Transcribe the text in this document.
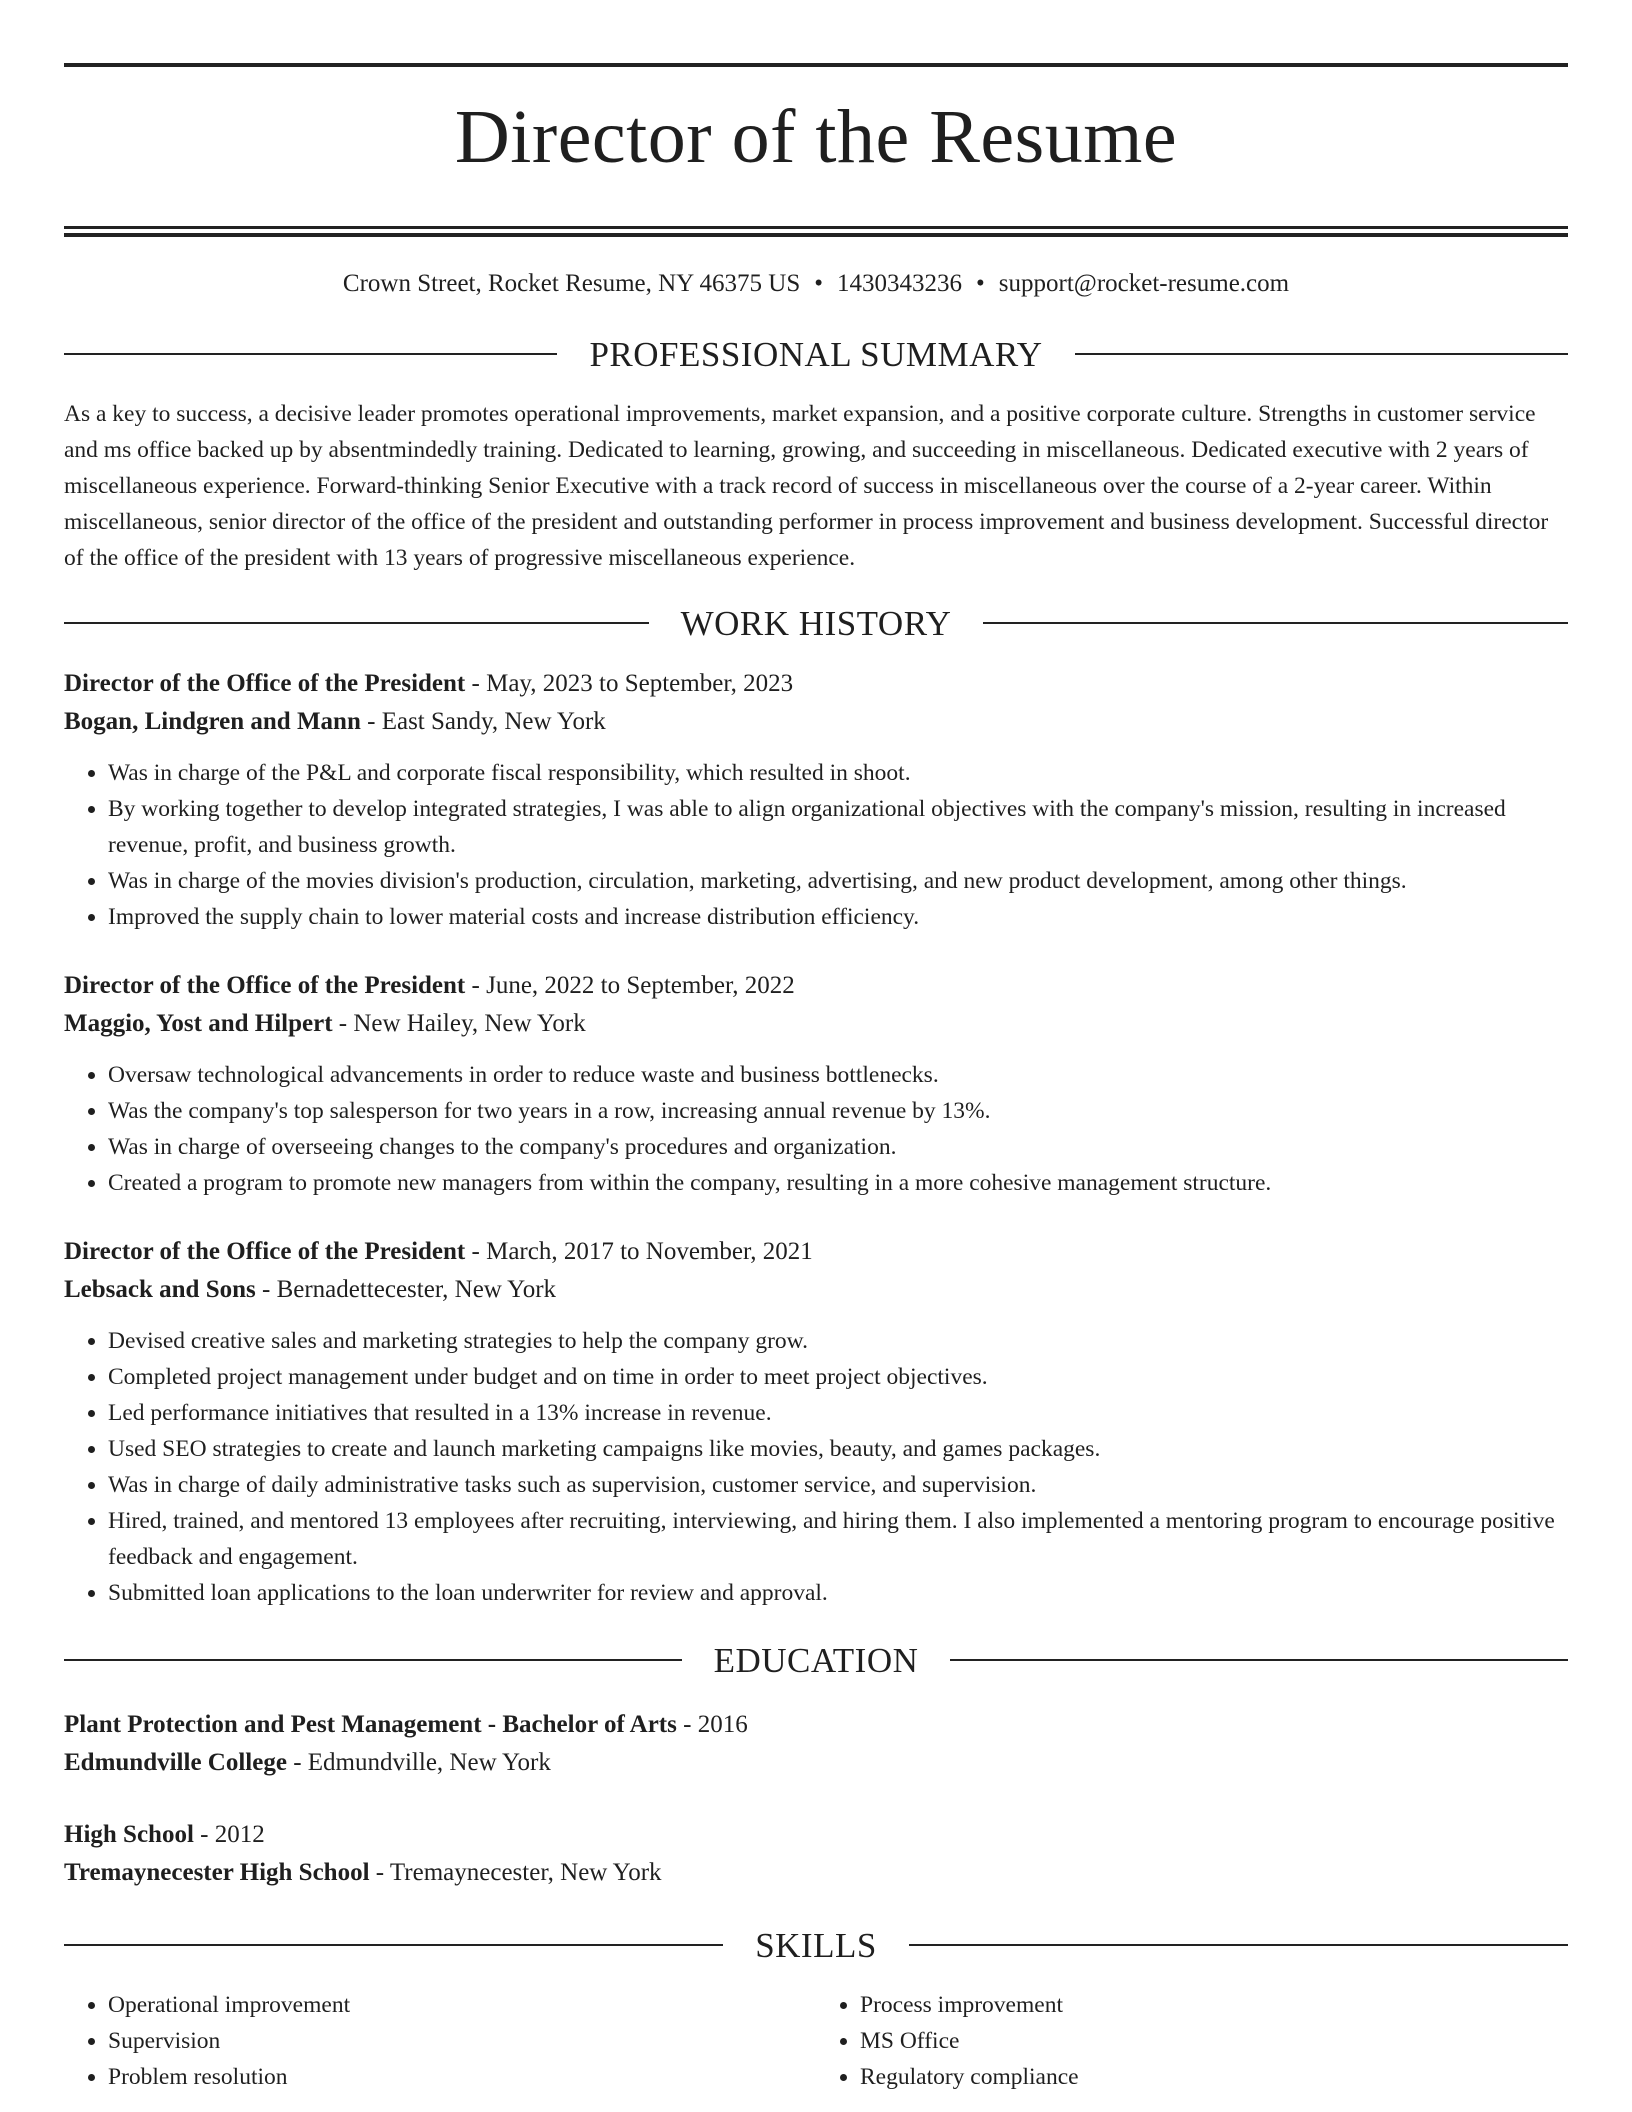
Director of the Resume
Crown Street, Rocket Resume, NY 46375 US • 1430343236 • support@rocket-resume.com
PROFESSIONAL SUMMARY

As a key to success, a decisive leader promotes operational improvements, market expansion, and a positive corporate culture. Strengths in customer service and ms office backed up by absentmindedly training. Dedicated to learning, growing, and succeeding in miscellaneous. Dedicated executive with 2 years of miscellaneous experience. Forward-thinking Senior Executive with a track record of success in miscellaneous over the course of a 2-year career. Within miscellaneous, senior director of the office of the president and outstanding performer in process improvement and business development. Successful director of the office of the president with 13 years of progressive miscellaneous experience.

WORK HISTORY
Director of the Office of the President - May, 2023 to September, 2023
Bogan, Lindgren and Mann - East Sandy, New York
• Was in charge of the P&L and corporate fiscal responsibility, which resulted in shoot.
• By working together to develop integrated strategies, I was able to align organizational objectives with the company's mission, resulting in increased revenue, profit, and business growth.
• Was in charge of the movies division's production, circulation, marketing, advertising, and new product development, among other things.
• Improved the supply chain to lower material costs and increase distribution efficiency.
Director of the Office of the President - June, 2022 to September, 2022
Maggio, Yost and Hilpert - New Hailey, New York
• Oversaw technological advancements in order to reduce waste and business bottlenecks.
• Was the company's top salesperson for two years in a row, increasing annual revenue by 13%.
• Was in charge of overseeing changes to the company's procedures and organization.
• Created a program to promote new managers from within the company, resulting in a more cohesive management structure.
Director of the Office of the President - March, 2017 to November, 2021
Lebsack and Sons - Bernadettecester, New York
• Devised creative sales and marketing strategies to help the company grow.
• Completed project management under budget and on time in order to meet project objectives.
• Led performance initiatives that resulted in a 13% increase in revenue.
• Used SEO strategies to create and launch marketing campaigns like movies, beauty, and games packages.
• Was in charge of daily administrative tasks such as supervision, customer service, and supervision.
• Hired, trained, and mentored 13 employees after recruiting, interviewing, and hiring them. I also implemented a mentoring program to encourage positive feedback and engagement.
• Submitted loan applications to the loan underwriter for review and approval.
EDUCATION
Plant Protection and Pest Management - Bachelor of Arts - 2016
Edmundville College - Edmundville, New York
High School - 2012
Tremaynecester High School - Tremaynecester, New York
SKILLS
• Operational improvement
• Supervision
• Problem resolution
• Process improvement
• MS Office
• Regulatory compliance
